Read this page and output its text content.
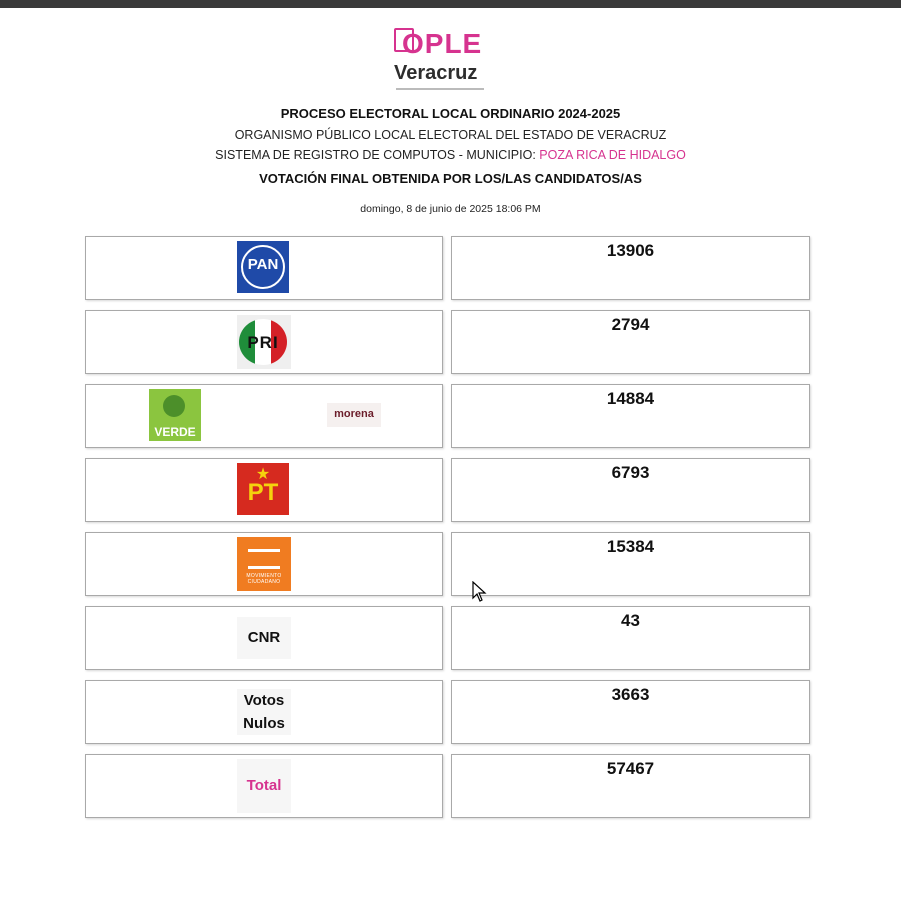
OPLE
Veracruz
PROCESO ELECTORAL LOCAL ORDINARIO 2024-2025
ORGANISMO PÚBLICO LOCAL ELECTORAL DEL ESTADO DE VERACRUZ
SISTEMA DE REGISTRO DE COMPUTOS - MUNICIPIO: POZA RICA DE HIDALGO
VOTACIÓN FINAL OBTENIDA POR LOS/LAS CANDIDATOS/AS
domingo, 8 de junio de 2025 18:06 PM
PAN
13906
PRI
2794
VERDE
morena
14884
★
PT
6793
MOVIMIENTO CIUDADANO
15384
CNR
43
Votos
Nulos
3663
Total
57467
